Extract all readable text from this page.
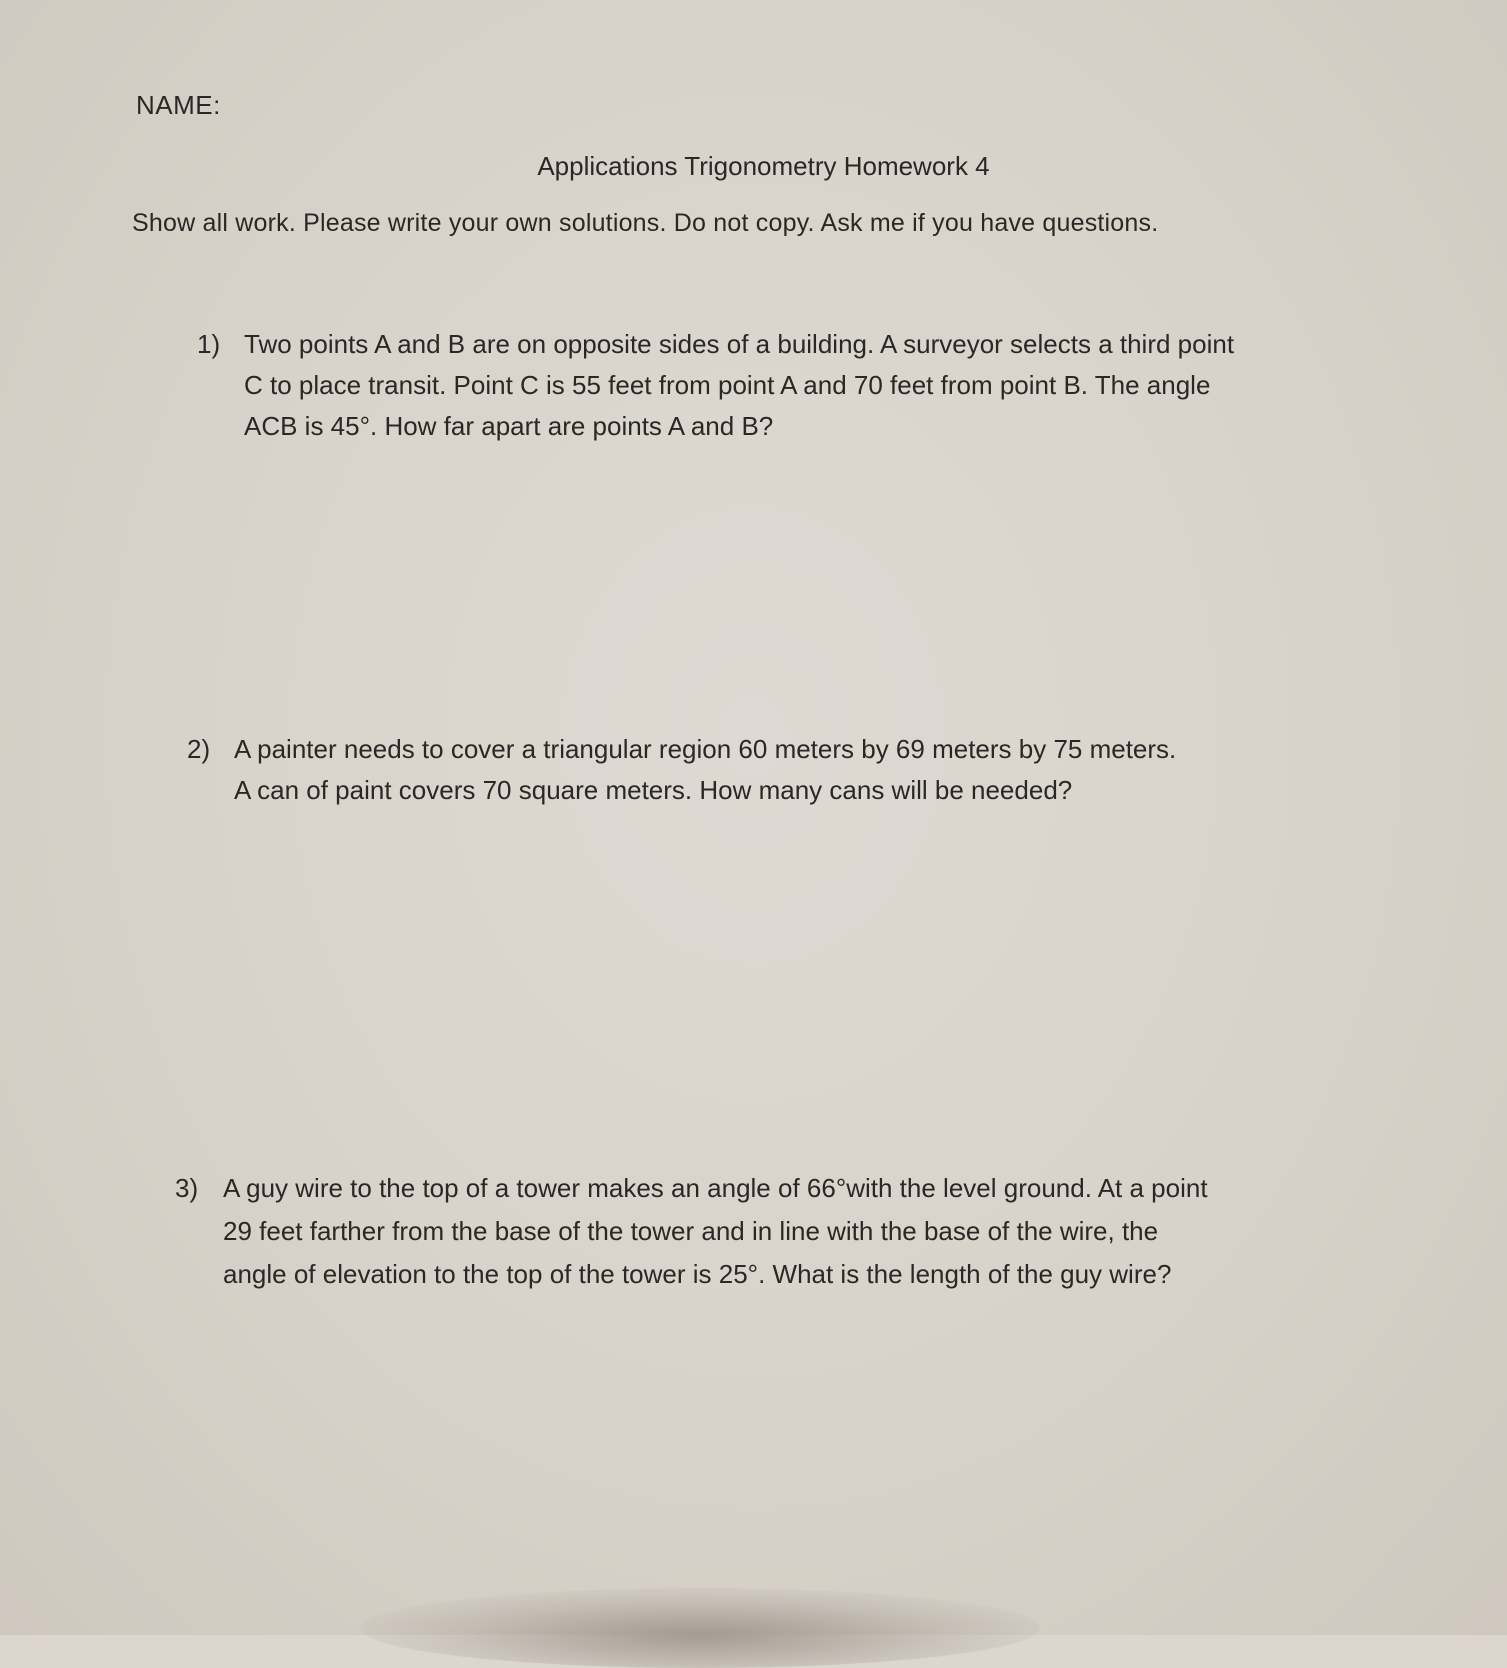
NAME:
Applications Trigonometry Homework 4
Show all work. Please write your own solutions. Do not copy. Ask me if you have questions.
1) Two points A and B are on opposite sides of a building. A surveyor selects a third point
C to place transit. Point C is 55 feet from point A and 70 feet from point B. The angle
ACB is 45°. How far apart are points A and B?
2) A painter needs to cover a triangular region 60 meters by 69 meters by 75 meters.
A can of paint covers 70 square meters. How many cans will be needed?
3) A guy wire to the top of a tower makes an angle of 66°with the level ground. At a point
29 feet farther from the base of the tower and in line with the base of the wire, the
angle of elevation to the top of the tower is 25°. What is the length of the guy wire?
